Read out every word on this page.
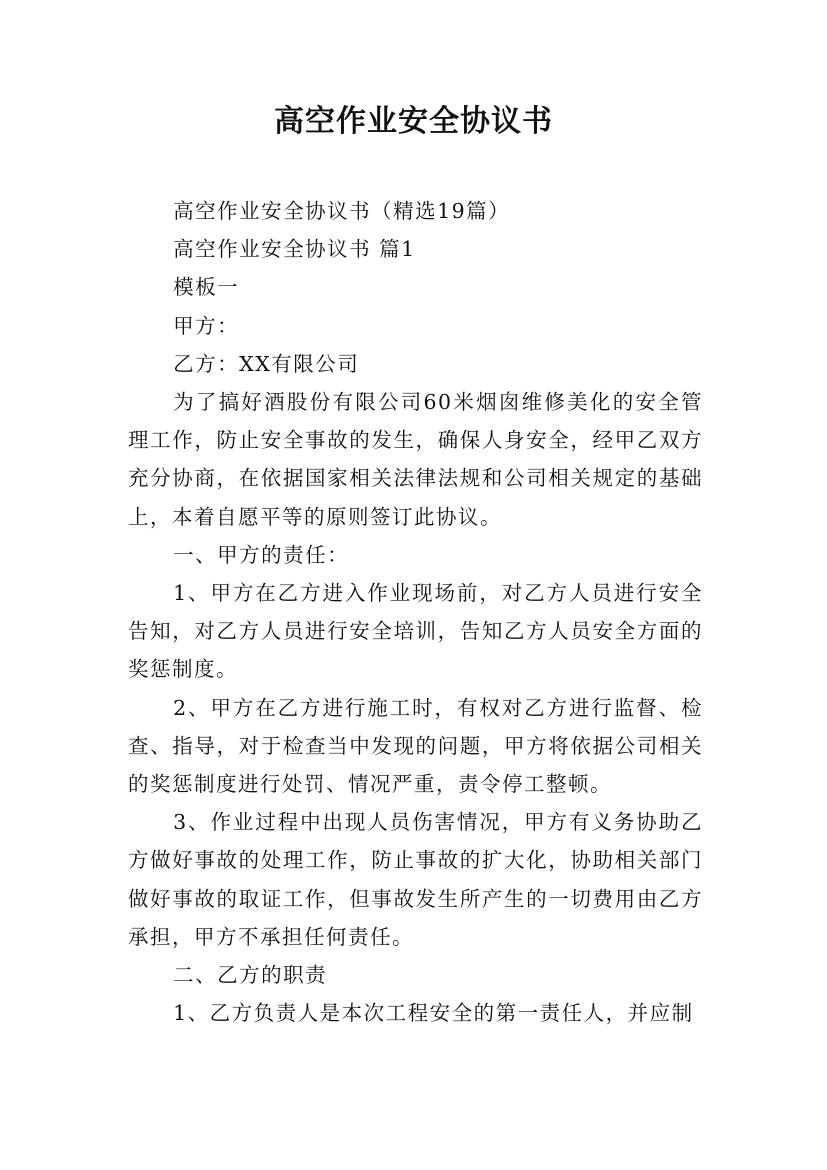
高空作业安全协议书

高空作业安全协议书（精选19篇）

高空作业安全协议书 篇1

模板一

甲方：

乙方：XX有限公司

为了搞好酒股份有限公司60米烟囱维修美化的安全管理工作，防止安全事故的发生，确保人身安全，经甲乙双方充分协商，在依据国家相关法律法规和公司相关规定的基础上，本着自愿平等的原则签订此协议。

一、甲方的责任：

1、甲方在乙方进入作业现场前，对乙方人员进行安全告知，对乙方人员进行安全培训，告知乙方人员安全方面的奖惩制度。

2、甲方在乙方进行施工时，有权对乙方进行监督、检查、指导，对于检查当中发现的问题，甲方将依据公司相关的奖惩制度进行处罚、情况严重，责令停工整顿。

3、作业过程中出现人员伤害情况，甲方有义务协助乙方做好事故的处理工作，防止事故的扩大化，协助相关部门做好事故的取证工作，但事故发生所产生的一切费用由乙方承担，甲方不承担任何责任。

二、乙方的职责

1、乙方负责人是本次工程安全的第一责任人，并应制
